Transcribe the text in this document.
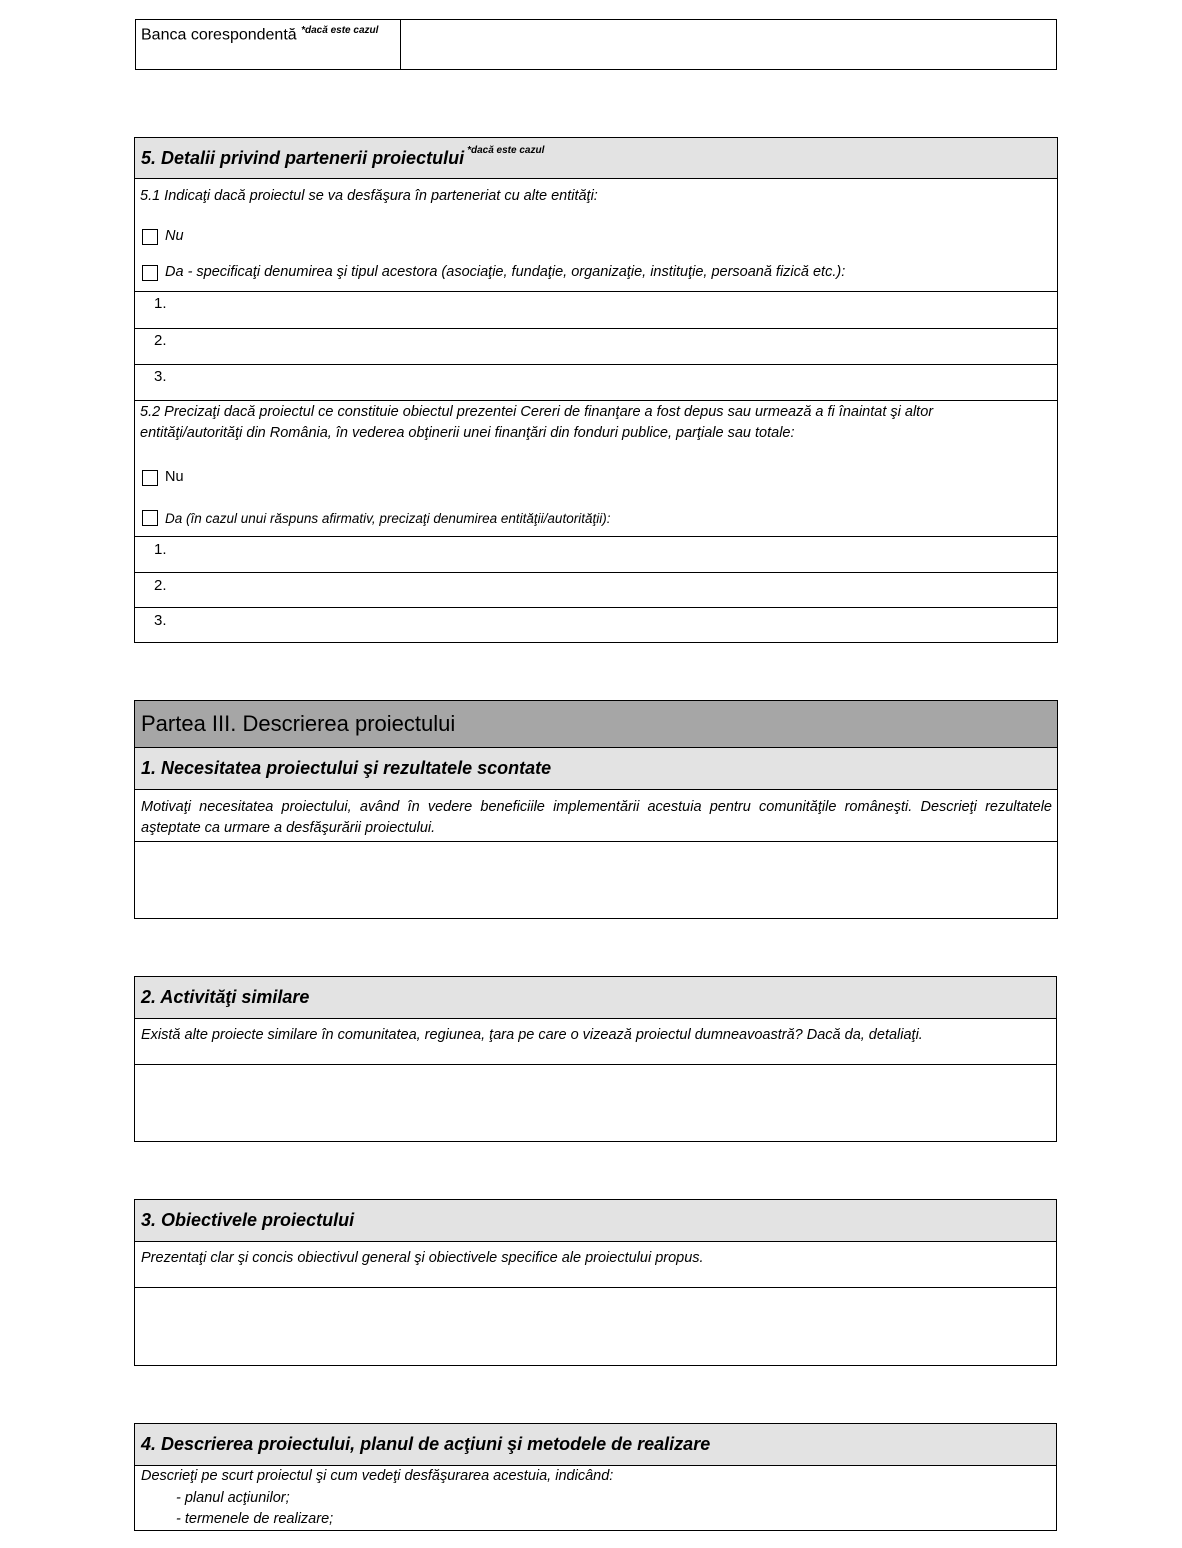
Banca corespondentă $^{*dacă este cazul}$
5. Detalii privind partenerii proiectului *dacă este cazul
5.1 Indicaţi dacă proiectul se va desfăşura în parteneriat cu alte entităţi:
Nu
Da - specificaţi denumirea şi tipul acestora (asociaţie, fundaţie, organizaţie, instituţie, persoană fizică etc.):
1.
2.
3.
5.2 Precizaţi dacă proiectul ce constituie obiectul prezentei Cereri de finanţare a fost depus sau urmează a fi înaintat şi altor entităţi/autorităţi din România, în vederea obţinerii unei finanţări din fonduri publice, parţiale sau totale:
Nu
Da (în cazul unui răspuns afirmativ, precizaţi denumirea entităţii/autorităţii):
1.
2.
3.
Partea III. Descrierea proiectului
1. Necesitatea proiectului şi rezultatele scontate
Motivaţi necesitatea proiectului, având în vedere beneficiile implementării acestuia pentru comunităţile româneşti. Descrieţi rezultatele aşteptate ca urmare a desfăşurării proiectului.
2. Activităţi similare
Există alte proiecte similare în comunitatea, regiunea, ţara pe care o vizează proiectul dumneavoastră? Dacă da, detaliaţi.
3. Obiectivele proiectului
Prezentaţi clar şi concis obiectivul general şi obiectivele specifice ale proiectului propus.
4. Descrierea proiectului, planul de acţiuni şi metodele de realizare
Descrieţi pe scurt proiectul şi cum vedeţi desfăşurarea acestuia, indicând:
- planul acţiunilor;
- termenele de realizare;
